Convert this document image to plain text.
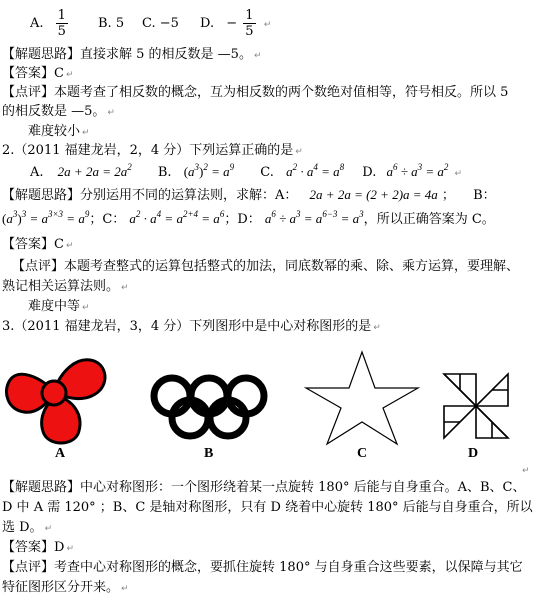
A. $\frac{1}{5} B$. 5 C. −5 D. − $\frac{1}{5}$ ↵
【解题思路】直接求解 5 的相反数是 —5。 ↵
【答案】C ↵
【点评】本题考查了相反数的概念，互为相反数的两个数绝对值相等，符号相反。所以 5
的相反数是 —5。 ↵
难度较小 ↵
2.（2011 福建龙岩，2，4 分）下列运算正确的是 ↵
A. $2a + 2a = 2a^2$ B. $(a^3)^2 = a^9$ C. $a^2 \cdot a^4 = a^8$ D. $a^6 \div a^3 = a^2$ ↵
【解题思路】分别运用不同的运算法则，求解：A： 2a + 2a = (2 + 2)a = 4a ； B：
$(a^3)^3 = a^{3\times 3} = a^9$；C： $a^2 \cdot a^4 = a^{2+4} = a^6$；D： $a^6 \div a^3 = a^{6-3} = a^3$，所以正确答案为 C。
【答案】C ↵
【点评】本题考查整式的运算包括整式的加法，同底数幂的乘、除、乘方运算，要理解、
熟记相关运算法则。 ↵
难度中等 ↵
3.（2011 福建龙岩，3，4 分）下列图形中是中心对称图形的是 ↵
A	B	C	D
↵
【解题思路】中心对称图形：一个图形绕着某一点旋转 180° 后能与自身重合。A、B、C、
D 中 A 需 120° ；B、C 是轴对称图形，只有 D 绕着中心旋转 180° 后能与自身重合，所以
选 D。 ↵
【答案】D ↵
【点评】考查中心对称图形的概念，要抓住旋转 180° 与自身重合这些要素，以保障与其它
特征图形区分开来。 ↵
